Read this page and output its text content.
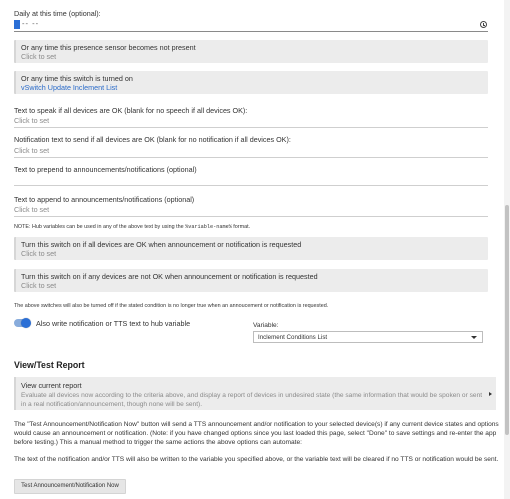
Daily at this time (optional):
-- --
Or any time this presence sensor becomes not present
Click to set
Or any time this switch is turned on
vSwitch Update Inclement List
Text to speak if all devices are OK (blank for no speech if all devices OK):
Click to set
Notification text to send if all devices are OK (blank for no notification if all devices OK):
Click to set
Text to prepend to announcements/notifications (optional)
Text to append to announcements/notifications (optional)
Click to set
NOTE: Hub variables can be used in any of the above text by using the %variable-name% format.
Turn this switch on if all devices are OK when announcement or notification is requested
Click to set
Turn this switch on if any devices are not OK when announcement or notification is requested
Click to set
The above switches will also be turned off if the stated condition is no longer true when an annoucement or notification is requested.
Also write notification or TTS text to hub variable	Variable:
Inclement Conditions List
View/Test Report
View current report
Evaluate all devices now according to the criteria above, and display a report of devices in undesired state (the same information that would be spoken or sent in a real notification/announcement, though none will be sent).
The "Test Announcement/Notification Now" button will send a TTS announcement and/or notification to your selected device(s) if any current device states and options would cause an announcement or notification. (Note: if you have changed options since you last loaded this page, select "Done" to save settings and re-enter the app before testing.) This a manual method to trigger the same actions the above options can automate:
The text of the notification and/or TTS will also be written to the variable you specified above, or the variable text will be cleared if no TTS or notification would be sent.
Test Announcement/Notification Now
